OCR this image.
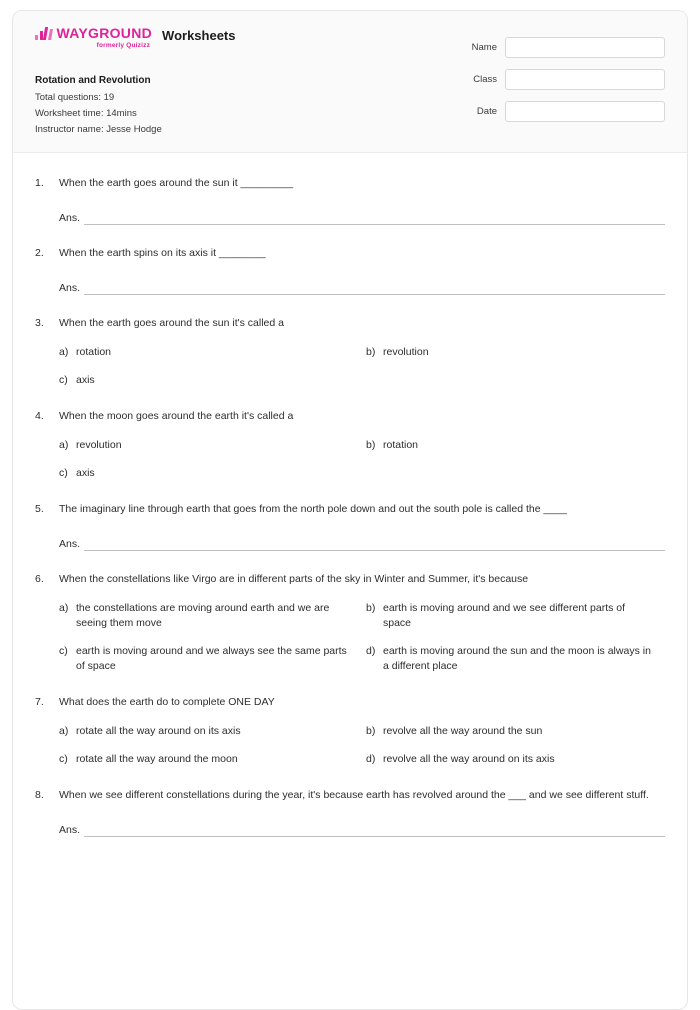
WAYGROUND
formerly Quizizz
Worksheets
Rotation and Revolution
Total questions: 19
Worksheet time: 14mins
Instructor name: Jesse Hodge
Name
Class
Date
1.	When the earth goes around the sun it _________
Ans.
2.	When the earth spins on its axis it ________
Ans.
3.	When the earth goes around the sun it's called a
a) rotation	b) revolution
c) axis
4.	When the moon goes around the earth it's called a
a) revolution	b) rotation
c) axis
5.	The imaginary line through earth that goes from the north pole down and out the south pole is called the ____
Ans.
6.	When the constellations like Virgo are in different parts of the sky in Winter and Summer, it's because
a) the constellations are moving around earth and we are seeing them move
b) earth is moving around and we see different parts of space
c) earth is moving around and we always see the same parts of space
d) earth is moving around the sun and the moon is always in a different place
7.	What does the earth do to complete ONE DAY
a) rotate all the way around on its axis	b) revolve all the way around the sun
c) rotate all the way around the moon	d) revolve all the way around on its axis
8.	When we see different constellations during the year, it's because earth has revolved around the ___ and we see different stuff.
Ans.
